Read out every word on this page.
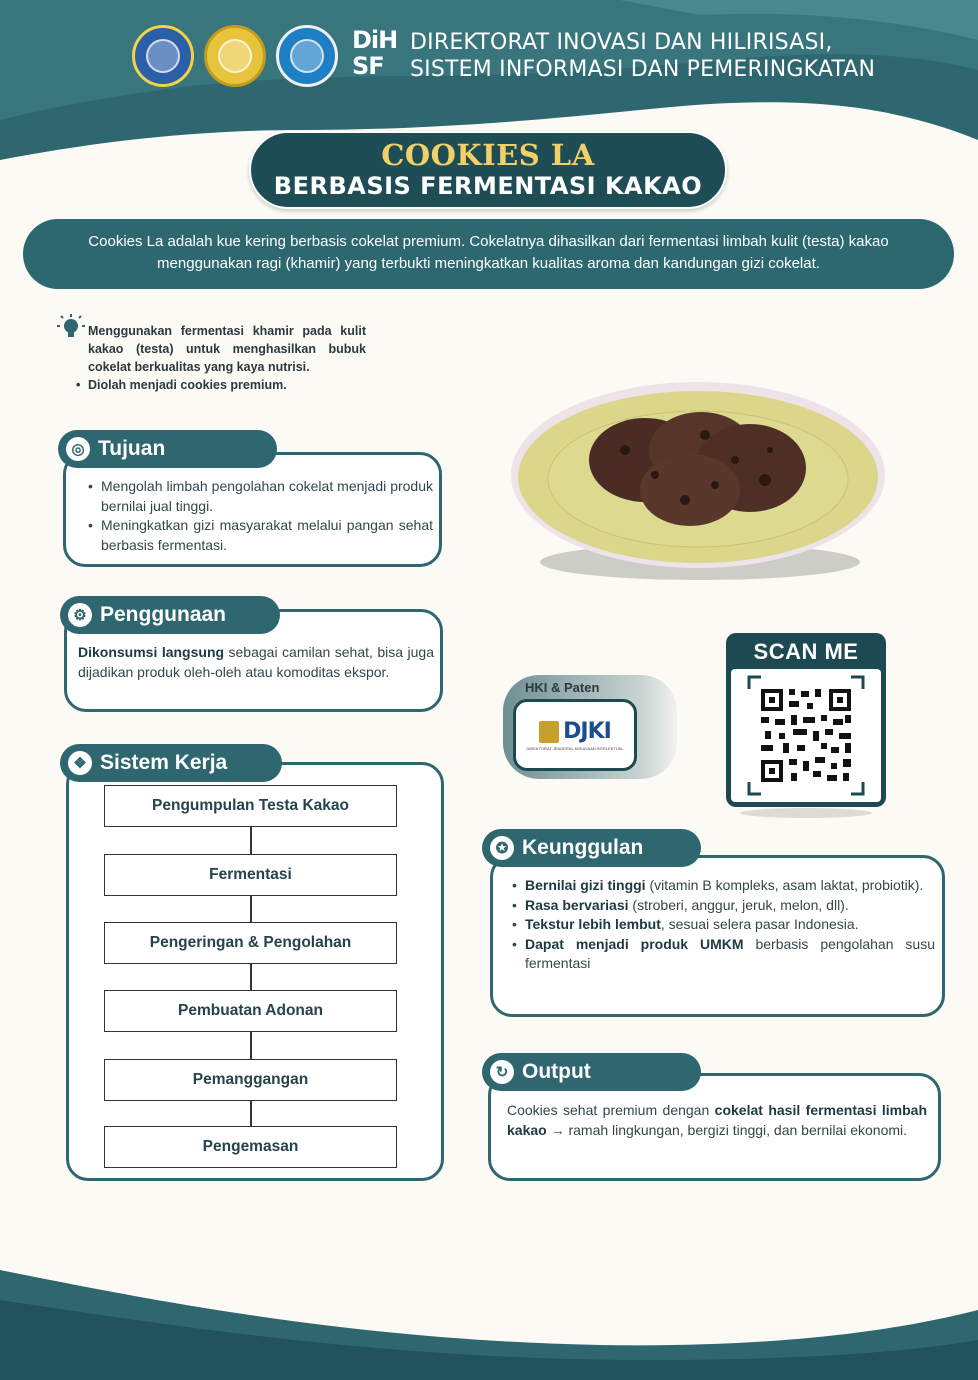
DiH
SF
DIREKTORAT INOVASI DAN HILIRISASI,
SISTEM INFORMASI DAN PEMERINGKATAN
COOKIES LA
BERBASIS FERMENTASI KAKAO
Cookies La adalah kue kering berbasis cokelat premium. Cokelatnya dihasilkan dari fermentasi limbah kulit (testa) kakao menggunakan ragi (khamir) yang terbukti meningkatkan kualitas aroma dan kandungan gizi cokelat.
Menggunakan fermentasi khamir pada kulit kakao (testa) untuk menghasilkan bubuk cokelat berkualitas yang kaya nutrisi.
• Diolah menjadi cookies premium.
• Mengolah limbah pengolahan cokelat menjadi produk bernilai jual tinggi.
• Meningkatkan gizi masyarakat melalui pangan sehat berbasis fermentasi.
◎ Tujuan
Dikonsumsi langsung sebagai camilan sehat, bisa juga dijadikan produk oleh-oleh atau komoditas ekspor.
⚙ Penggunaan
❖ Sistem Kerja
Pengumpulan Testa Kakao
Fermentasi
Pengeringan & Pengolahan
Pembuatan Adonan
Pemanggangan
Pengemasan
HKI & Paten
DJKI
DIREKTORAT JENDERAL KEKAYAAN INTELEKTUAL
SCAN ME
• Bernilai gizi tinggi (vitamin B kompleks, asam laktat, probiotik).
• Rasa bervariasi (stroberi, anggur, jeruk, melon, dll).
• Tekstur lebih lembut, sesuai selera pasar Indonesia.
• Dapat menjadi produk UMKM berbasis pengolahan susu fermentasi
✪ Keunggulan
Cookies sehat premium dengan cokelat hasil fermentasi limbah kakao → ramah lingkungan, bergizi tinggi, dan bernilai ekonomi.
↻ Output
